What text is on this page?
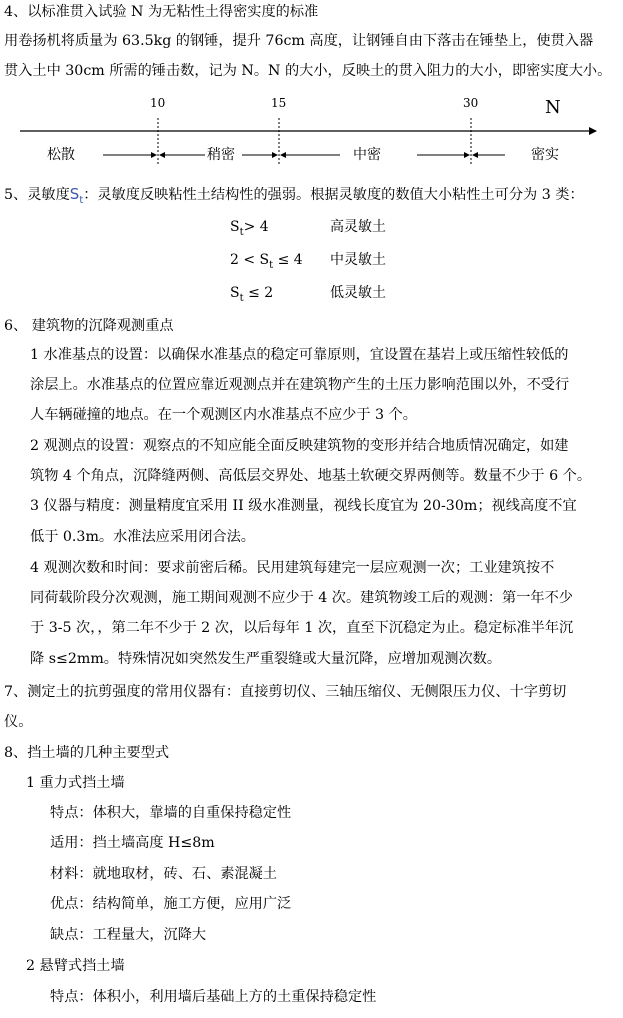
4、以标准贯入试验 N 为无粘性土得密实度的标准
用卷扬机将质量为 63.5kg 的钢锤，提升 76cm 高度，让钢锤自由下落击在锤垫上，使贯入器
贯入土中 30cm 所需的锤击数，记为 N。N 的大小，反映土的贯入阻力的大小，即密实度大小。
10	15	30	N
松散	稍密	中密	密实
5、灵敏度$S_t$：灵敏度反映粘性土结构性的强弱。根据灵敏度的数值大小粘性土可分为 3 类：
$S_t> 4$	高灵敏土
$2 < S_t \le 4$ 中灵敏土
$S_t \le 2$	低灵敏土
6、 建筑物的沉降观测重点
1 水准基点的设置：以确保水准基点的稳定可靠原则，宜设置在基岩上或压缩性较低的
涂层上。水准基点的位置应靠近观测点并在建筑物产生的土压力影响范围以外，不受行
人车辆碰撞的地点。在一个观测区内水准基点不应少于 3 个。
2 观测点的设置：观察点的不知应能全面反映建筑物的变形并结合地质情况确定，如建
筑物 4 个角点，沉降缝两侧、高低层交界处、地基土软硬交界两侧等。数量不少于 6 个。
3 仪器与精度：测量精度宜采用 II 级水准测量，视线长度宜为 20-30m；视线高度不宜
低于 0.3m。水准法应采用闭合法。
4 观测次数和时间：要求前密后稀。民用建筑每建完一层应观测一次；工业建筑按不
同荷载阶段分次观测，施工期间观测不应少于 4 次。建筑物竣工后的观测：第一年不少
于 3-5 次，，第二年不少于 2 次，以后每年 1 次，直至下沉稳定为止。稳定标准半年沉
降 s≤2mm。特殊情况如突然发生严重裂缝或大量沉降，应增加观测次数。
7、测定土的抗剪强度的常用仪器有：直接剪切仪、三轴压缩仪、无侧限压力仪、十字剪切
仪。
8、挡土墙的几种主要型式
1 重力式挡土墙
特点：体积大，靠墙的自重保持稳定性
适用：挡土墙高度 H≤8m
材料：就地取材，砖、石、素混凝土
优点：结构简单，施工方便，应用广泛
缺点：工程量大，沉降大
2 悬臂式挡土墙
特点：体积小，利用墙后基础上方的土重保持稳定性
